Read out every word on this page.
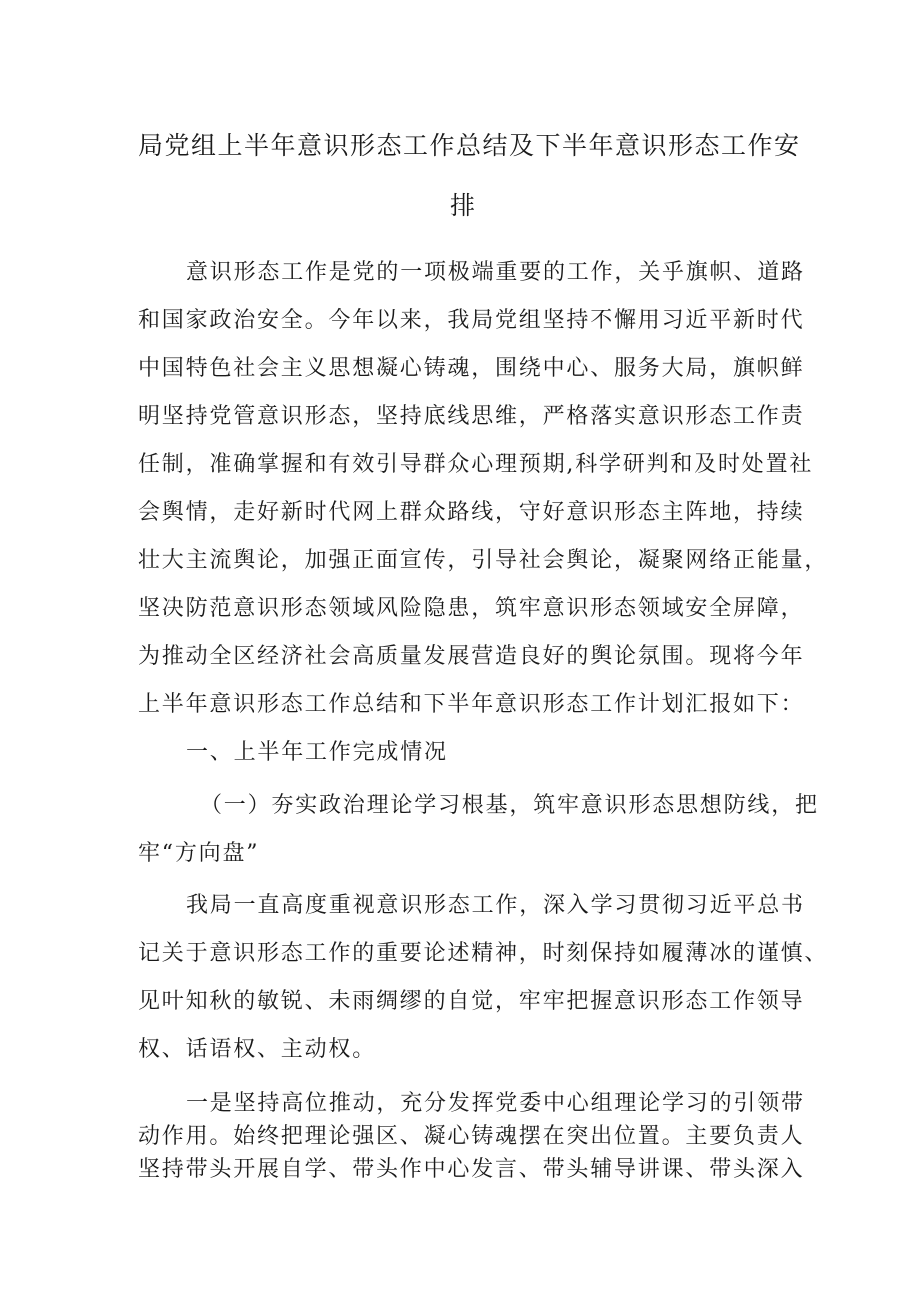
局党组上半年意识形态工作总结及下半年意识形态工作安
排
意识形态工作是党的一项极端重要的工作，关乎旗帜、道路
和国家政治安全。今年以来，我局党组坚持不懈用习近平新时代
中国特色社会主义思想凝心铸魂，围绕中心、服务大局，旗帜鲜
明坚持党管意识形态，坚持底线思维，严格落实意识形态工作责
任制，准确掌握和有效引导群众心理预期,科学研判和及时处置社
会舆情，走好新时代网上群众路线，守好意识形态主阵地，持续
壮大主流舆论，加强正面宣传，引导社会舆论，凝聚网络正能量，
坚决防范意识形态领域风险隐患，筑牢意识形态领域安全屏障，
为推动全区经济社会高质量发展营造良好的舆论氛围。现将今年
上半年意识形态工作总结和下半年意识形态工作计划汇报如下：
一、上半年工作完成情况
（一）夯实政治理论学习根基，筑牢意识形态思想防线，把
牢“方向盘”
我局一直高度重视意识形态工作，深入学习贯彻习近平总书
记关于意识形态工作的重要论述精神，时刻保持如履薄冰的谨慎、
见叶知秋的敏锐、未雨绸缪的自觉，牢牢把握意识形态工作领导
权、话语权、主动权。
一是坚持高位推动，充分发挥党委中心组理论学习的引领带
动作用。始终把理论强区、凝心铸魂摆在突出位置。主要负责人
坚持带头开展自学、带头作中心发言、带头辅导讲课、带头深入
